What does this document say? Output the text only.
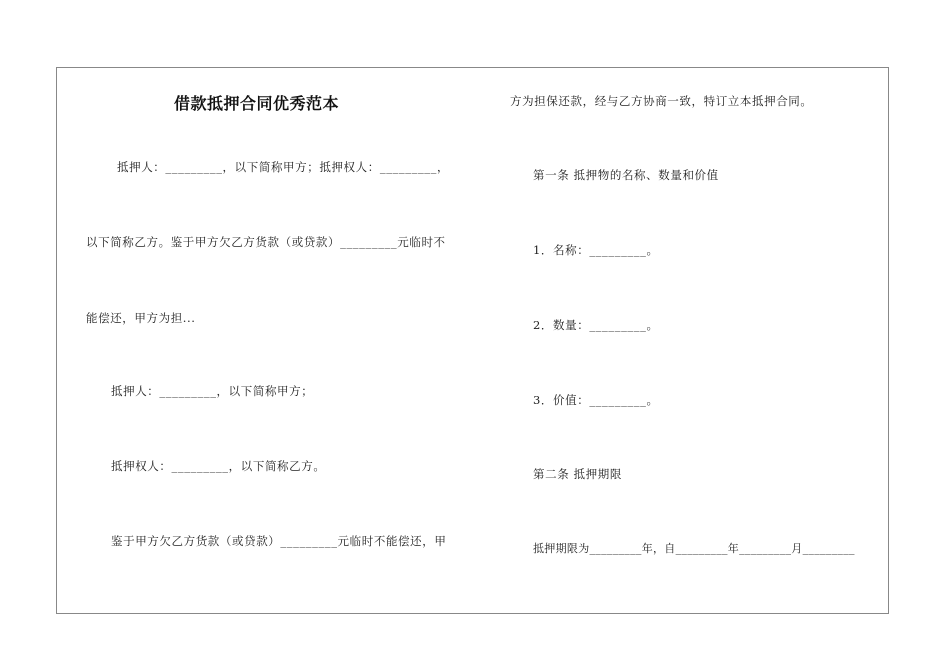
借款抵押合同优秀范本
抵押人：_________，以下简称甲方；抵押权人：_________，
以下简称乙方。鉴于甲方欠乙方货款（或贷款）_________元临时不
能偿还，甲方为担...
抵押人：_________，以下简称甲方；
抵押权人：_________，以下简称乙方。
鉴于甲方欠乙方货款（或贷款）_________元临时不能偿还，甲
方为担保还款，经与乙方协商一致，特订立本抵押合同。
第一条 抵押物的名称、数量和价值
1．名称：_________。
2．数量：_________。
3．价值：_________。
第二条 抵押期限
抵押期限为_________年，自_________年_________月_________
